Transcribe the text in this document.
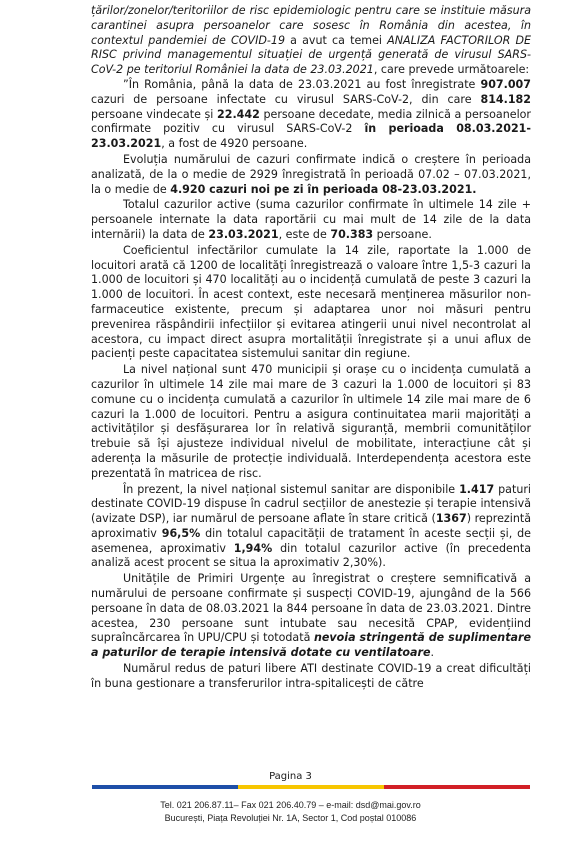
țărilor/zonelor/teritoriilor de risc epidemiologic pentru care se instituie măsura carantinei asupra persoanelor care sosesc în România din acestea, în contextul pandemiei de COVID-19 a avut ca temei ANALIZA FACTORILOR DE RISC privind managementul situației de urgență generată de virusul SARS-CoV-2 pe teritoriul României la data de 23.03.2021, care prevede următoarele:

”În România, până la data de 23.03.2021 au fost înregistrate 907.007 cazuri de persoane infectate cu virusul SARS-CoV-2, din care 814.182 persoane vindecate și 22.442 persoane decedate, media zilnică a persoanelor confirmate pozitiv cu virusul SARS-CoV-2 în perioada 08.03.2021-23.03.2021, a fost de 4920 persoane.

Evoluția numărului de cazuri confirmate indică o creștere în perioada analizată, de la o medie de 2929 înregistrată în perioadă 07.02 – 07.03.2021, la o medie de 4.920 cazuri noi pe zi în perioada 08-23.03.2021.

Totalul cazurilor active (suma cazurilor confirmate în ultimele 14 zile + persoanele internate la data raportării cu mai mult de 14 zile de la data internării) la data de 23.03.2021, este de 70.383 persoane.

Coeficientul infectărilor cumulate la 14 zile, raportate la 1.000 de locuitori arată că 1200 de localități înregistrează o valoare între 1,5-3 cazuri la 1.000 de locuitori și 470 localități au o incidență cumulată de peste 3 cazuri la 1.000 de locuitori. În acest context, este necesară menținerea măsurilor non-farmaceutice existente, precum și adaptarea unor noi măsuri pentru prevenirea răspândirii infecțiilor și evitarea atingerii unui nivel necontrolat al acestora, cu impact direct asupra mortalității înregistrate și a unui aflux de pacienți peste capacitatea sistemului sanitar din regiune.

La nivel național sunt 470 municipii și orașe cu o incidența cumulată a cazurilor în ultimele 14 zile mai mare de 3 cazuri la 1.000 de locuitori și 83 comune cu o incidența cumulată a cazurilor în ultimele 14 zile mai mare de 6 cazuri la 1.000 de locuitori. Pentru a asigura continuitatea marii majorități a activităților și desfășurarea lor în relativă siguranță, membrii comunităților trebuie să își ajusteze individual nivelul de mobilitate, interacțiune cât și aderența la măsurile de protecție individuală. Interdependența acestora este prezentată în matricea de risc.

În prezent, la nivel național sistemul sanitar are disponibile 1.417 paturi destinate COVID-19 dispuse în cadrul secțiilor de anestezie și terapie intensivă (avizate DSP), iar numărul de persoane aflate în stare critică (1367) reprezintă aproximativ 96,5% din totalul capacității de tratament în aceste secții și, de asemenea, aproximativ 1,94% din totalul cazurilor active (în precedenta analiză acest procent se situa la aproximativ 2,30%).

Unitățile de Primiri Urgențe au înregistrat o creștere semnificativă a numărului de persoane confirmate și suspecți COVID-19, ajungând de la 566 persoane în data de 08.03.2021 la 844 persoane în data de 23.03.2021. Dintre acestea, 230 persoane sunt intubate sau necesită CPAP, evidențiind supraîncărcarea în UPU/CPU și totodată nevoia stringentă de suplimentare a paturilor de terapie intensivă dotate cu ventilatoare.

Numărul redus de paturi libere ATI destinate COVID-19 a creat dificultăți în buna gestionare a transferurilor intra-spitalicești de către

Pagina 3
Tel. 021 206.87.11– Fax 021 206.40.79 – e-mail: dsd@mai.gov.ro
București, Piața Revoluției Nr. 1A, Sector 1, Cod poștal 010086
